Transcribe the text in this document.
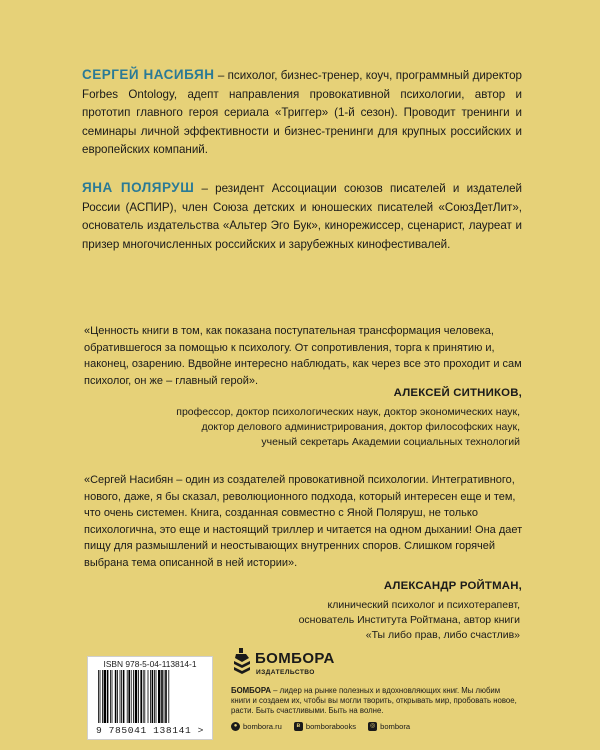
СЕРГЕЙ НАСИБЯН – психолог, бизнес-тренер, коуч, программный директор Forbes Ontology, адепт направления провокативной психологии, автор и прототип главного героя сериала «Триггер» (1-й сезон). Проводит тренинги и семинары личной эффективности и бизнес-тренинги для крупных российских и европейских компаний.
ЯНА ПОЛЯРУШ – резидент Ассоциации союзов писателей и издателей России (АСПИР), член Союза детских и юношеских писателей «СоюзДетЛит», основатель издательства «Альтер Эго Бук», кинорежиссер, сценарист, лауреат и призер многочисленных российских и зарубежных кинофестивалей.
«Ценность книги в том, как показана поступательная трансформация человека, обратившегося за помощью к психологу. От сопротивления, торга к принятию и, наконец, озарению. Вдвойне интересно наблюдать, как через все это проходит и сам психолог, он же – главный герой».
АЛЕКСЕЙ СИТНИКОВ,
профессор, доктор психологических наук, доктор экономических наук,
доктор делового администрирования, доктор философских наук,
ученый секретарь Академии социальных технологий
«Сергей Насибян – один из создателей провокативной психологии. Интегративного, нового, даже, я бы сказал, революционного подхода, который интересен еще и тем, что очень системен. Книга, созданная совместно с Яной Поляруш, не только психологична, это еще и настоящий триллер и читается на одном дыхании! Она дает пищу для размышлений и неостывающих внутренних споров. Слишком горячей выбрана тема описанной в ней истории».
АЛЕКСАНДР РОЙТМАН,
клинический психолог и психотерапевт,
основатель Института Ройтмана, автор книги
«Ты либо прав, либо счастлив»
ISBN 978-5-04-113814-1
9 785041 138141 >
БОМБОРА
ИЗДАТЕЛЬСТВО
БОМБОРА – лидер на рынке полезных и вдохновляющих книг. Мы любим книги и создаем их, чтобы вы могли творить, открывать мир, пробовать новое, расти. Быть счастливыми. Быть на волне.
● bombora.ru	в bomborabooks	◎ bombora
